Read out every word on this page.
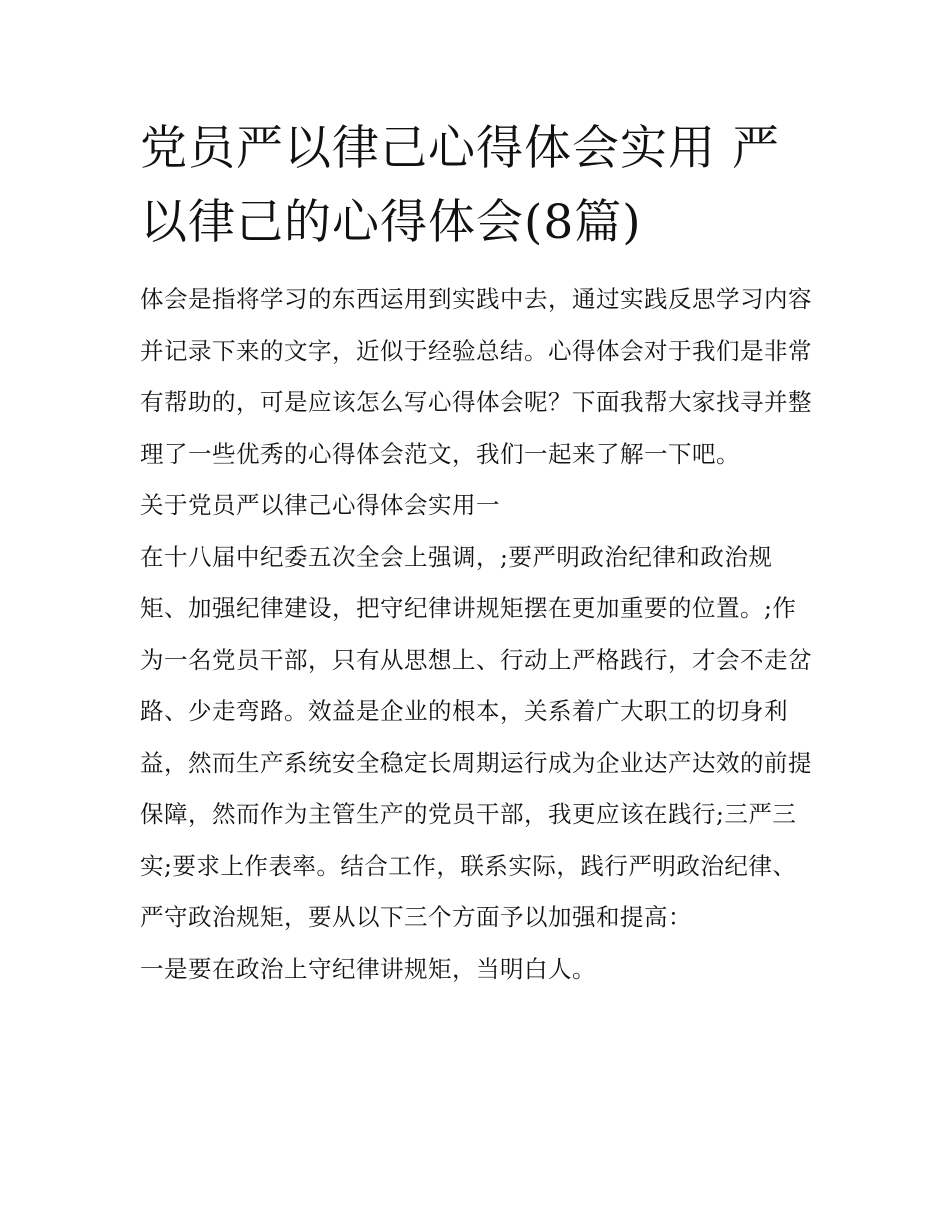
党员严以律己心得体会实用 严以律己的心得体会(8篇)

体会是指将学习的东西运用到实践中去，通过实践反思学习内容并记录下来的文字，近似于经验总结。心得体会对于我们是非常有帮助的，可是应该怎么写心得体会呢？下面我帮大家找寻并整理了一些优秀的心得体会范文，我们一起来了解一下吧。

关于党员严以律己心得体会实用一

在十八届中纪委五次全会上强调，;要严明政治纪律和政治规矩、加强纪律建设，把守纪律讲规矩摆在更加重要的位置。;作为一名党员干部，只有从思想上、行动上严格践行，才会不走岔路、少走弯路。效益是企业的根本，关系着广大职工的切身利益，然而生产系统安全稳定长周期运行成为企业达产达效的前提保障，然而作为主管生产的党员干部，我更应该在践行;三严三实;要求上作表率。结合工作，联系实际，践行严明政治纪律、严守政治规矩，要从以下三个方面予以加强和提高：

一是要在政治上守纪律讲规矩，当明白人。
